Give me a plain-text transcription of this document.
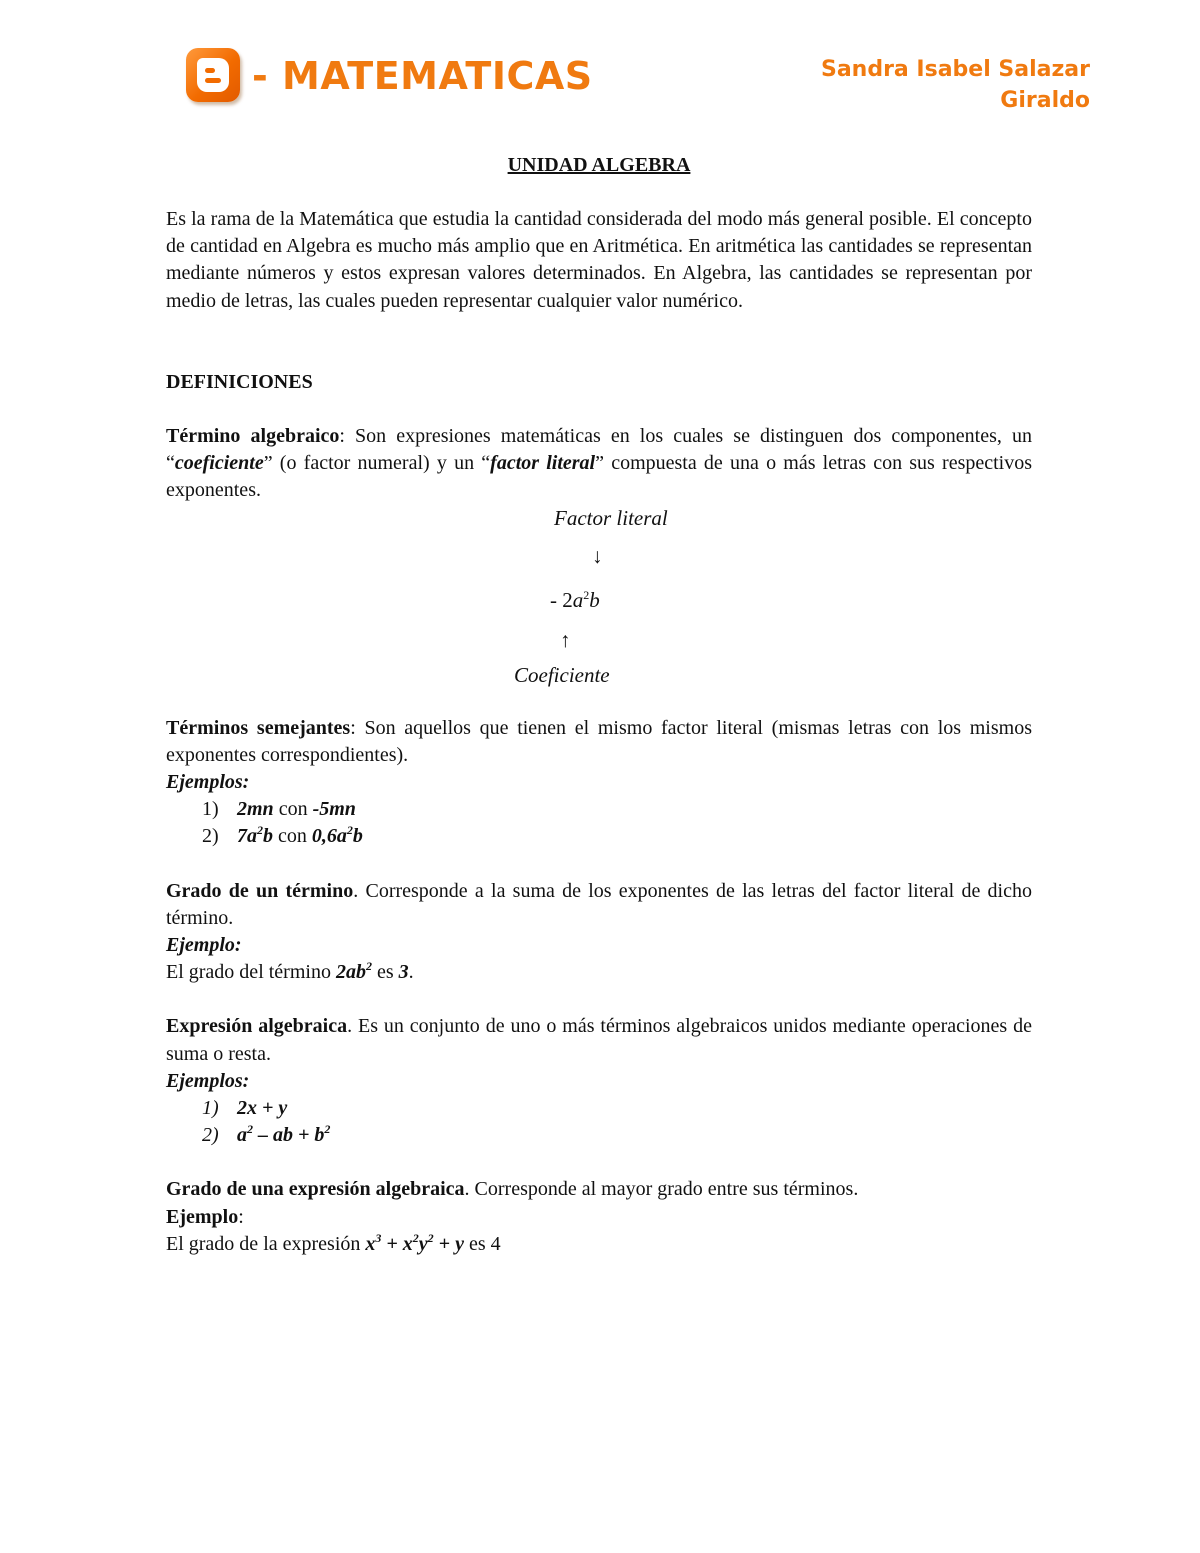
- MATEMATICAS	Sandra Isabel Salazar
Giraldo

UNIDAD ALGEBRA

Es la rama de la Matemática que estudia la cantidad considerada del modo más general posible. El concepto de cantidad en Algebra es mucho más amplio que en Aritmética. En aritmética las cantidades se representan mediante números y estos expresan valores determinados. En Algebra, las cantidades se representan por medio de letras, las cuales pueden representar cualquier valor numérico.

DEFINICIONES

Término algebraico: Son expresiones matemáticas en los cuales se distinguen dos componentes, un “coeficiente” (o factor numeral) y un “factor literal” compuesta de una o más letras con sus respectivos exponentes.

Factor literal
↓
- $2a^2b$
↑
Coeficiente

Términos semejantes: Son aquellos que tienen el mismo factor literal (mismas letras con los mismos exponentes correspondientes).

Ejemplos:

1) 2mn con -5mn
2) $7a^2b$ con $0,6a^2b$

Grado de un término. Corresponde a la suma de los exponentes de las letras del factor literal de dicho término.

Ejemplo:

El grado del término $2ab^2$ es 3.

Expresión algebraica. Es un conjunto de uno o más términos algebraicos unidos mediante operaciones de suma o resta.

Ejemplos:

1) 2x + y
2) $a^2$ – ab + $b^2$

Grado de una expresión algebraica. Corresponde al mayor grado entre sus términos.

Ejemplo:

El grado de la expresión $x^3 + x^2y^2 + y$ es 4
